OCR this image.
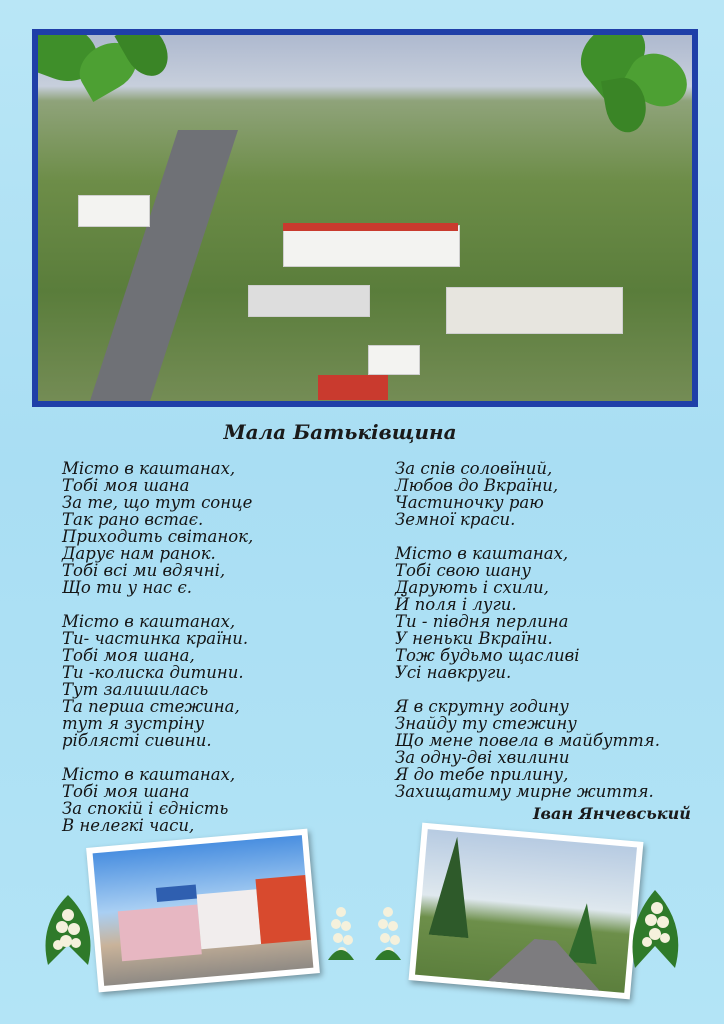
Мала Батьківщина
Місто в каштанах,
Тобі моя шана
За те, що тут сонце
Так рано встає.
Приходить світанок,
Дарує нам ранок.
Тобі всі ми вдячні,
Що ти у нас є.
Місто в каштанах,
Ти- частинка країни.
Тобі моя шана,
Ти -колиска дитини.
Тут залишилась
Та перша стежина,
тут я зустріну
ріблясті сивини.
Місто в каштанах,
Тобі моя шана
За спокій і єдність
В нелегкі часи,
За спів соловїний,
Любов до Вкраїни,
Частиночку раю
Земної краси.
Місто в каштанах,
Тобі свою шану
Дарують і схили,
Й поля і луги.
Ти - півдня перлина
У неньки Вкраїни.
Тож будьмо щасливі
Усі навкруги.
Я в скрутну годину
Знайду ту стежину
Що мене повела в майбуття.
За одну-дві хвилини
Я до тебе прилину,
Захищатиму мирне життя.
Іван Янчевський
